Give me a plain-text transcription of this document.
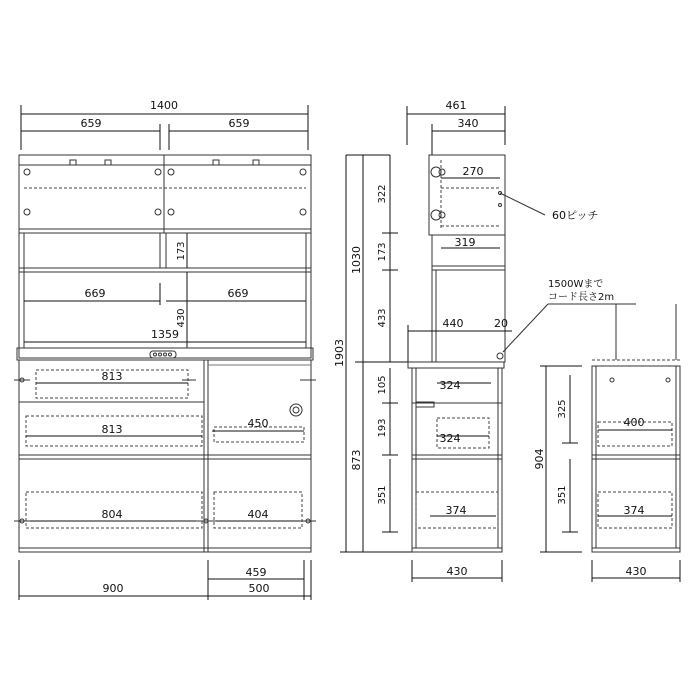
1400
659	659
173
430
669	669
1359
813
813
804
450
404
459
900	500
461
340
270
60ピッチ
319
322
173
433
1030
1903
873
440	20
1500Wまで
コード長さ2m
324
324
374
105
193
351
430
400
374
904
325
351
430
